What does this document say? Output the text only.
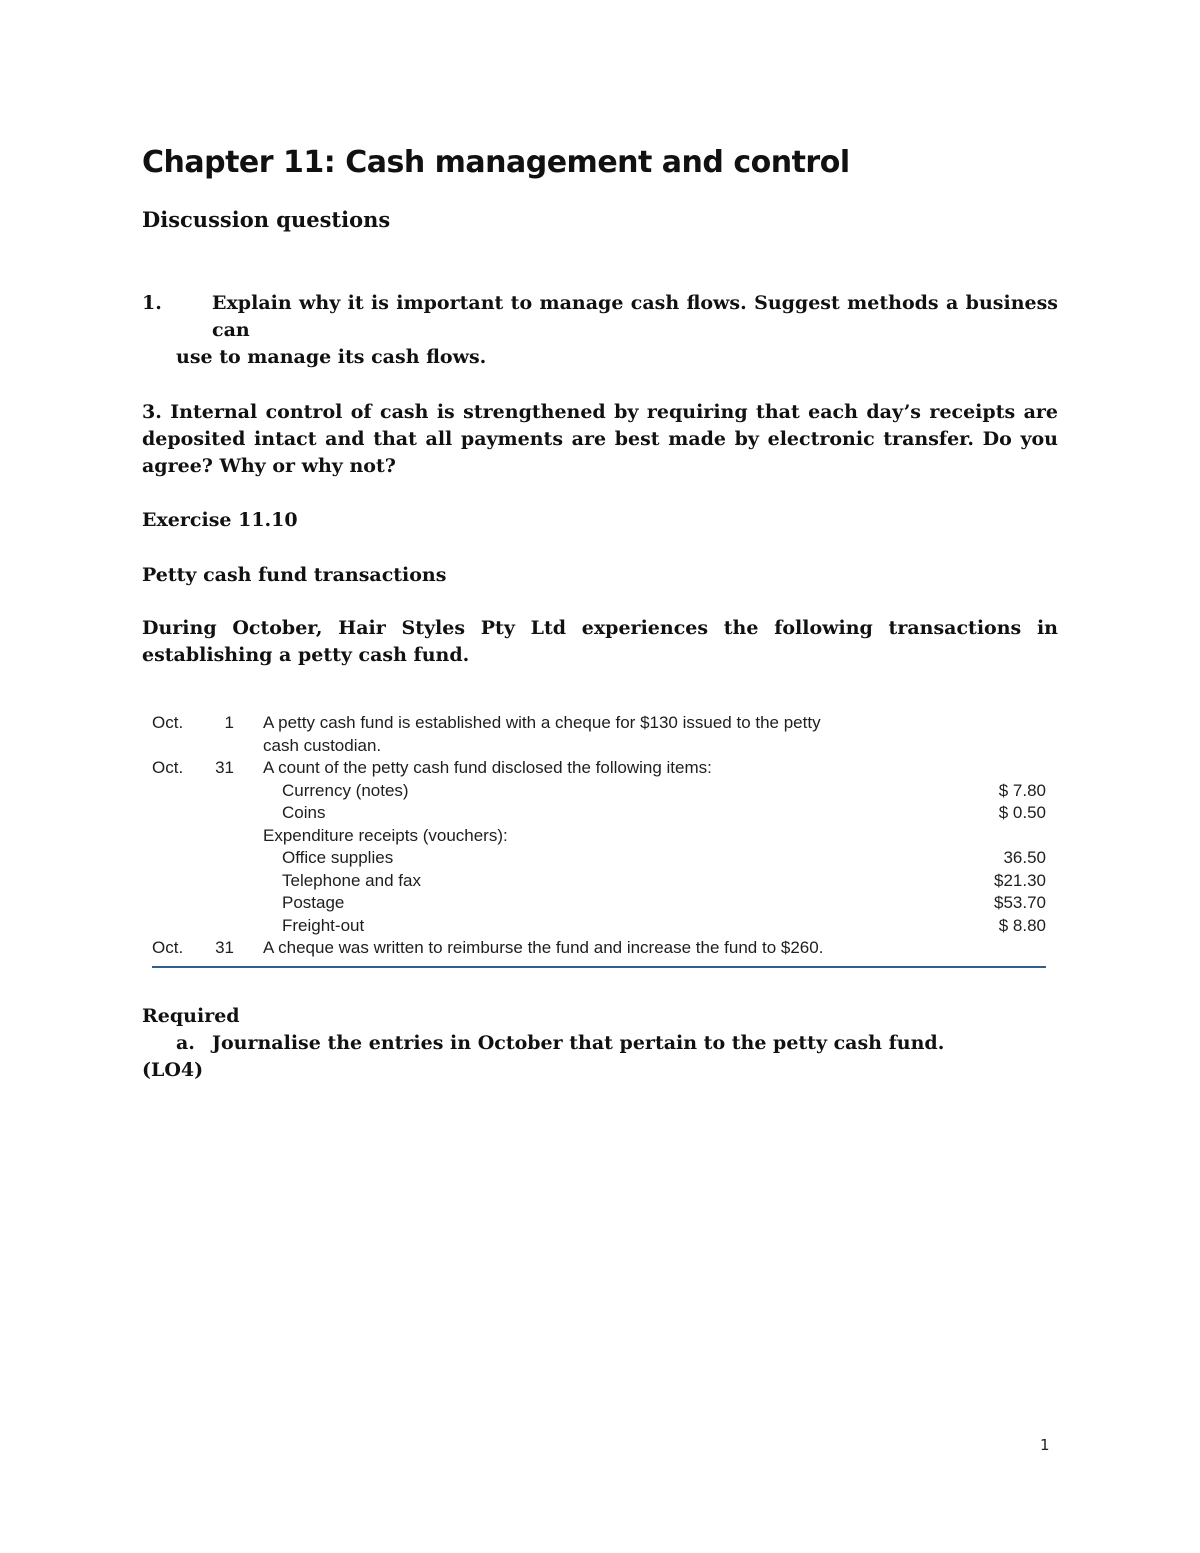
Chapter 11: Cash management and control
Discussion questions

1.	Explain why it is important to manage cash flows. Suggest methods a business can
use to manage its cash flows.

3. Internal control of cash is strengthened by requiring that each day’s receipts are deposited intact and that all payments are best made by electronic transfer. Do you agree? Why or why not?

Exercise 11.10

Petty cash fund transactions

During October, Hair Styles Pty Ltd experiences the following transactions in establishing a petty cash fund.

Oct.	1 A petty cash fund is established with a cheque for $130 issued to the petty
cash custodian.
Oct. 31 A count of the petty cash fund disclosed the following items:
Currency (notes)	$ 7.80
Coins	$ 0.50
Expenditure receipts (vouchers):
Office supplies	36.50
Telephone and fax	$21.30
Postage	$53.70
Freight-out	$ 8.80
Oct. 31 A cheque was written to reimburse the fund and increase the fund to $260.

Required

a. Journalise the entries in October that pertain to the petty cash fund.

(LO4)

1
